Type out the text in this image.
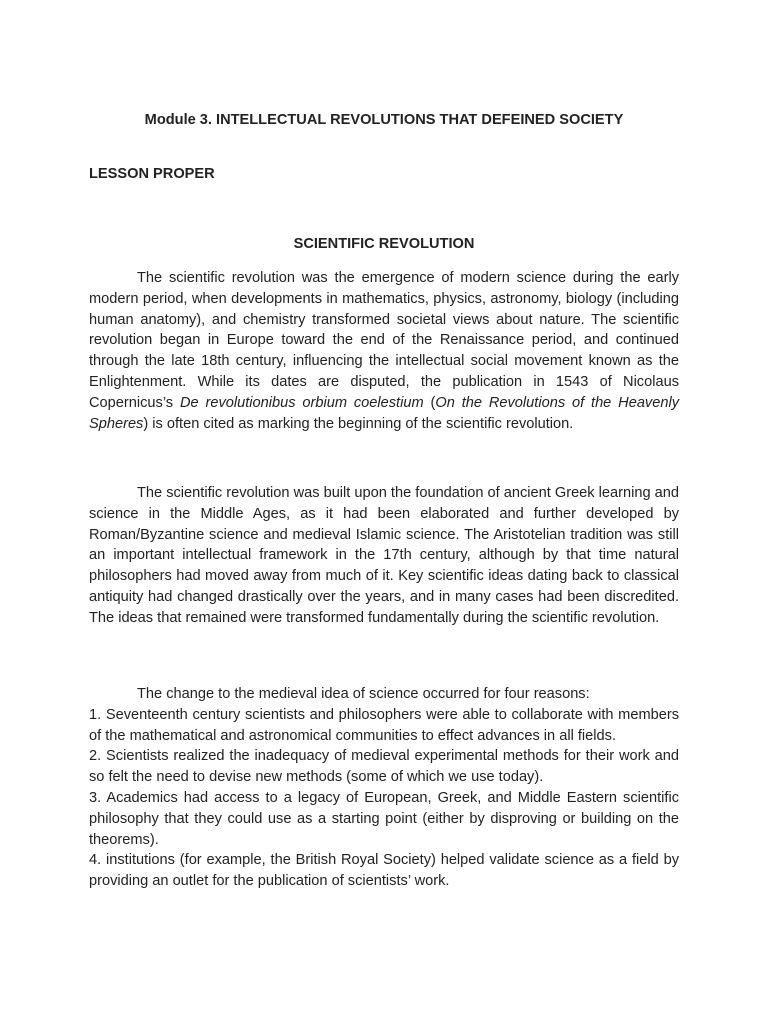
Module 3. INTELLECTUAL REVOLUTIONS THAT DEFEINED SOCIETY
LESSON PROPER
SCIENTIFIC REVOLUTION

The scientific revolution was the emergence of modern science during the early modern period, when developments in mathematics, physics, astronomy, biology (including human anatomy), and chemistry transformed societal views about nature. The scientific revolution began in Europe toward the end of the Renaissance period, and continued through the late 18th century, influencing the intellectual social movement known as the Enlightenment. While its dates are disputed, the publication in 1543 of Nicolaus Copernicus’s De revolutionibus orbium coelestium (On the Revolutions of the Heavenly Spheres) is often cited as marking the beginning of the scientific revolution.

The scientific revolution was built upon the foundation of ancient Greek learning and science in the Middle Ages, as it had been elaborated and further developed by Roman/Byzantine science and medieval Islamic science. The Aristotelian tradition was still an important intellectual framework in the 17th century, although by that time natural philosophers had moved away from much of it. Key scientific ideas dating back to classical antiquity had changed drastically over the years, and in many cases had been discredited. The ideas that remained were transformed fundamentally during the scientific revolution.

The change to the medieval idea of science occurred for four reasons:
1. Seventeenth century scientists and philosophers were able to collaborate with members of the mathematical and astronomical communities to effect advances in all fields.
2. Scientists realized the inadequacy of medieval experimental methods for their work and so felt the need to devise new methods (some of which we use today).
3. Academics had access to a legacy of European, Greek, and Middle Eastern scientific philosophy that they could use as a starting point (either by disproving or building on the theorems).
4. institutions (for example, the British Royal Society) helped validate science as a field by providing an outlet for the publication of scientists’ work.
